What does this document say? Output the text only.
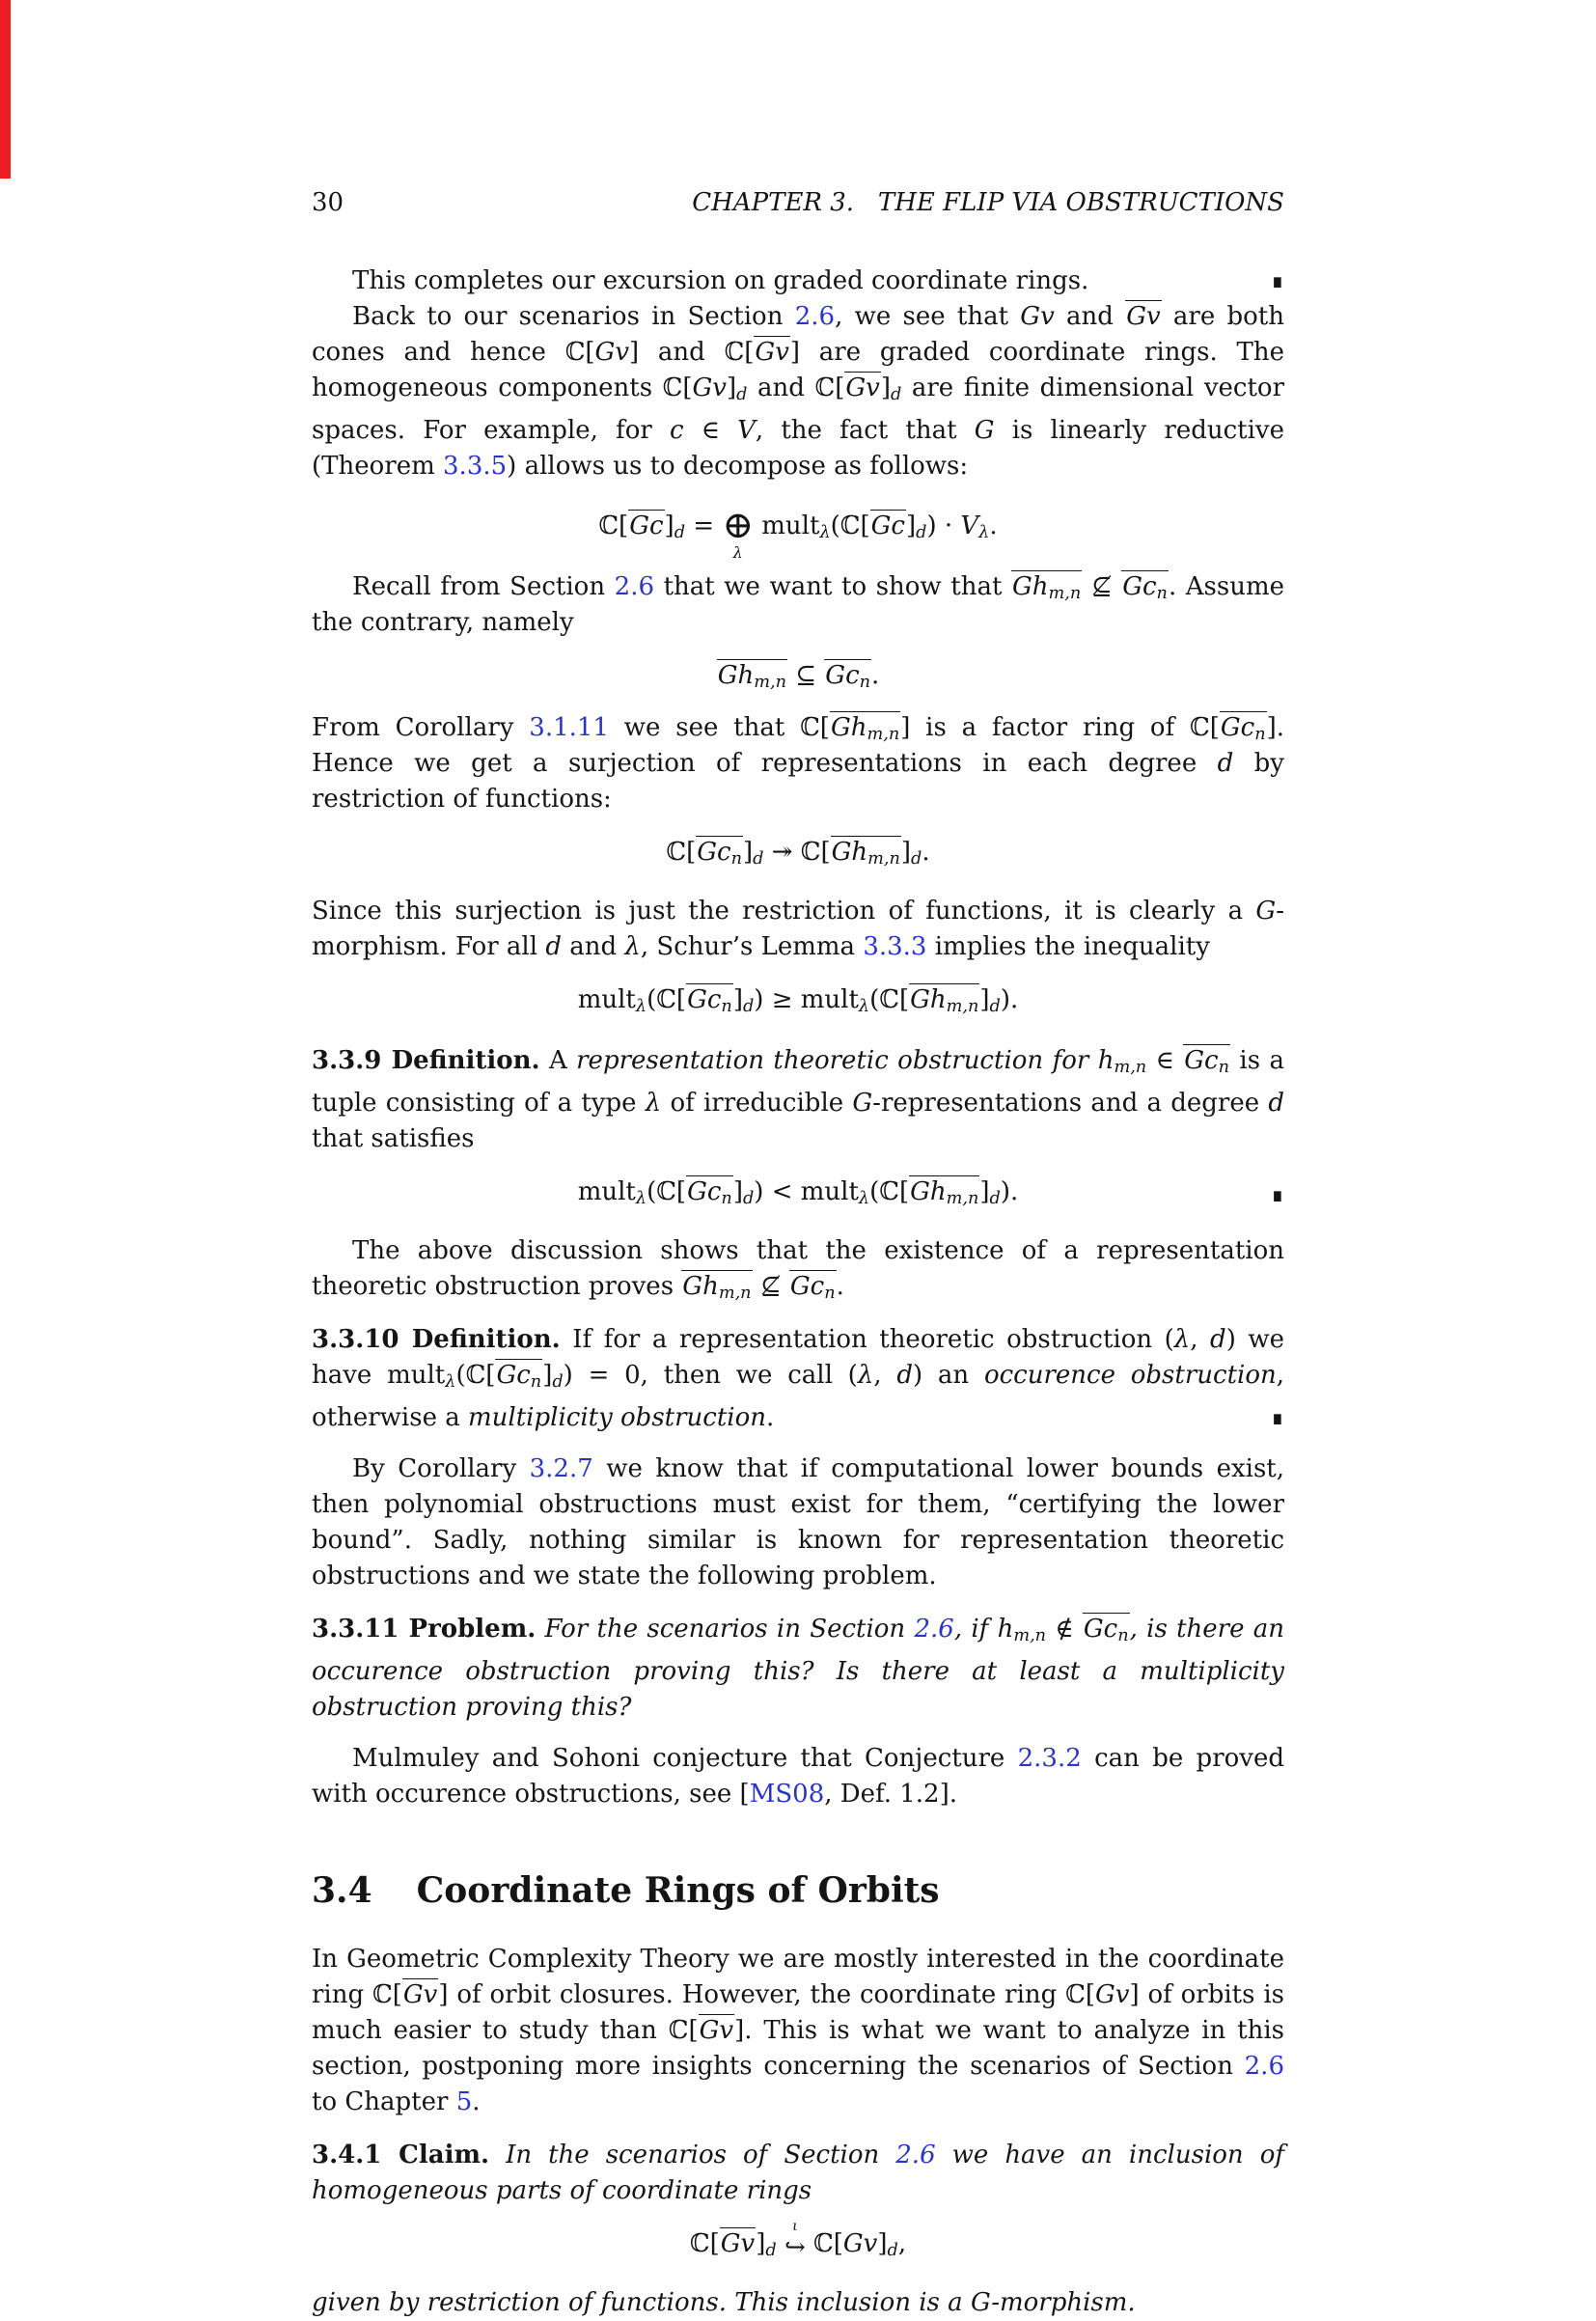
30	CHAPTER 3.   THE FLIP VIA OBSTRUCTIONS
This completes our excursion on graded coordinate rings.	∎
Back to our scenarios in Section 2.6, we see that Gv and Gv are both cones and hence ℂ[Gv] and ℂ[Gv] are graded coordinate rings. The homogeneous components ℂ[Gv]d and ℂ[Gv]d are finite dimensional vector spaces. For example, for c ∈ V, the fact that G is linearly reductive (Theorem 3.3.5) allows us to decompose as follows:
ℂ[Gc]d = ⊕
λ
multλ(ℂ[Gc]d) · Vλ.
Recall from Section 2.6 that we want to show that Ghm,n ⊈ Gcn. Assume the contrary, namely
Ghm,n ⊆ Gcn.
From Corollary 3.1.11 we see that ℂ[Ghm,n] is a factor ring of ℂ[Gcn]. Hence we get a surjection of representations in each degree d by restriction of functions:
ℂ[Gcn]d ↠ ℂ[Ghm,n]d.
Since this surjection is just the restriction of functions, it is clearly a G-morphism. For all d and λ, Schur’s Lemma 3.3.3 implies the inequality
multλ(ℂ[Gcn]d) ≥ multλ(ℂ[Ghm,n]d).
3.3.9 Definition. A representation theoretic obstruction for hm,n ∈ Gcn is a tuple consisting of a type λ of irreducible G-representations and a degree d that satisfies
multλ(ℂ[Gcn]d) < multλ(ℂ[Ghm,n]d).	∎
The above discussion shows that the existence of a representation theoretic obstruction proves Ghm,n ⊈ Gcn.
3.3.10 Definition. If for a representation theoretic obstruction (λ, d) we have multλ(ℂ[Gcn]d) = 0, then we call (λ, d) an occurence obstruction, otherwise a multiplicity obstruction.	∎
By Corollary 3.2.7 we know that if computational lower bounds exist, then polynomial obstructions must exist for them, “certifying the lower bound”. Sadly, nothing similar is known for representation theoretic obstructions and we state the following problem.
3.3.11 Problem. For the scenarios in Section 2.6, if hm,n ∉ Gcn, is there an occurence obstruction proving this? Is there at least a multiplicity obstruction proving this?
Mulmuley and Sohoni conjecture that Conjecture 2.3.2 can be proved with occurence obstructions, see [MS08, Def. 1.2].
3.4 Coordinate Rings of Orbits
In Geometric Complexity Theory we are mostly interested in the coordinate ring ℂ[Gv] of orbit closures. However, the coordinate ring ℂ[Gv] of orbits is much easier to study than ℂ[Gv]. This is what we want to analyze in this section, postponing more insights concerning the scenarios of Section 2.6 to Chapter 5.
3.4.1 Claim. In the scenarios of Section 2.6 we have an inclusion of homogeneous parts of coordinate rings
ℂ[Gv]d
ι
↪ ℂ[Gv]d,
given by restriction of functions. This inclusion is a G-morphism.
